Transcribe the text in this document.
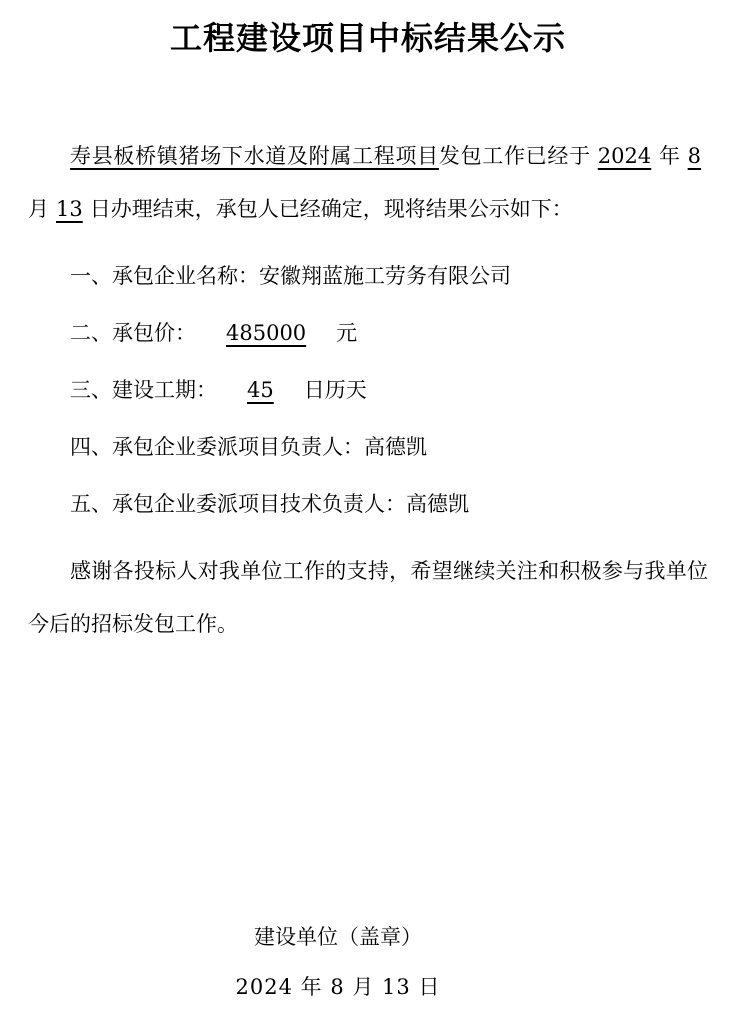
工程建设项目中标结果公示

寿县板桥镇猪场下水道及附属工程项目发包工作已经于 2024 年 8月 13 日办理结束，承包人已经确定，现将结果公示如下：

一、承包企业名称：安徽翔蓝施工劳务有限公司

二、承包价： 485000 元

三、建设工期： 45 日历天

四、承包企业委派项目负责人：高德凯

五、承包企业委派项目技术负责人：高德凯

感谢各投标人对我单位工作的支持，希望继续关注和积极参与我单位今后的招标发包工作。

建设单位（盖章）
2024 年 8 月 13 日
